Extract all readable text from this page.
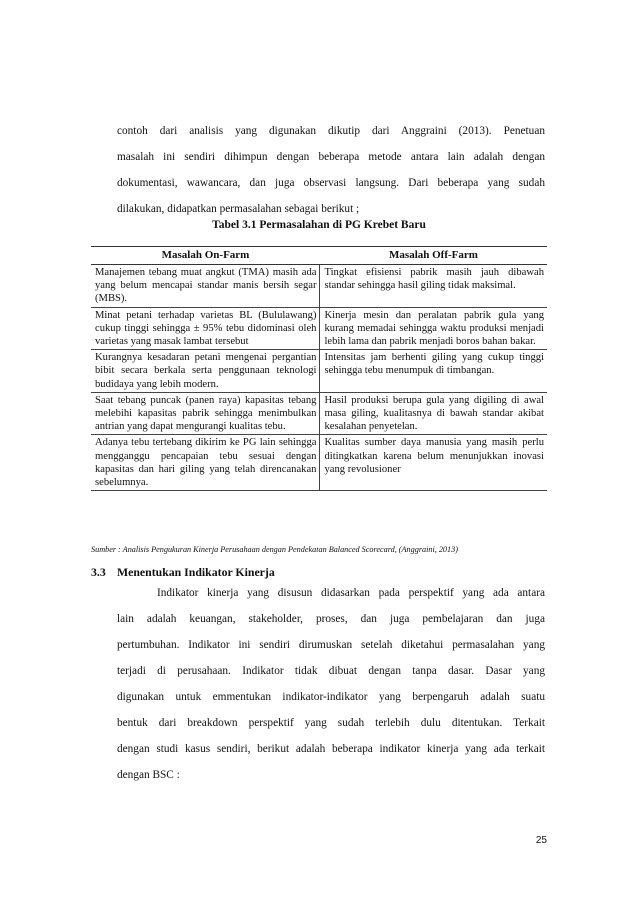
contoh dari analisis yang digunakan dikutip dari Anggraini (2013). Penetuan
masalah ini sendiri dihimpun dengan beberapa metode antara lain adalah dengan
dokumentasi, wawancara, dan juga observasi langsung. Dari beberapa yang sudah
dilakukan, didapatkan permasalahan sebagai berikut ;
Tabel 3.1 Permasalahan di PG Krebet Baru
Masalah On-Farm	Masalah Off-Farm
Manajemen tebang muat angkut (TMA) masih ada yang belum mencapai standar manis bersih segar (MBS).	Tingkat efisiensi pabrik masih jauh dibawah standar sehingga hasil giling tidak maksimal.
Minat petani terhadap varietas BL (Bululawang) cukup tinggi sehingga ± 95% tebu didominasi oleh varietas yang masak lambat tersebut	Kinerja mesin dan peralatan pabrik gula yang kurang memadai sehingga waktu produksi menjadi lebih lama dan pabrik menjadi boros bahan bakar.
Kurangnya kesadaran petani mengenai pergantian bibit secara berkala serta penggunaan teknologi budidaya yang lebih modern.	Intensitas jam berhenti giling yang cukup tinggi sehingga tebu menumpuk di timbangan.
Saat tebang puncak (panen raya) kapasitas tebang melebihi kapasitas pabrik sehingga menimbulkan antrian yang dapat mengurangi kualitas tebu.	Hasil produksi berupa gula yang digiling di awal masa giling, kualitasnya di bawah standar akibat kesalahan penyetelan.
Adanya tebu tertebang dikirim ke PG lain sehingga mengganggu pencapaian tebu sesuai dengan kapasitas dan hari giling yang telah direncanakan sebelumnya.	Kualitas sumber daya manusia yang masih perlu ditingkatkan karena belum menunjukkan inovasi yang revolusioner
Sumber : Analisis Pengukuran Kinerja Perusahaan dengan Pendekatan Balanced Scorecard, (Anggraini, 2013)
3.3 Menentukan Indikator Kinerja
Indikator kinerja yang disusun didasarkan pada perspektif yang ada antara
lain adalah keuangan, stakeholder, proses, dan juga pembelajaran dan juga
pertumbuhan. Indikator ini sendiri dirumuskan setelah diketahui permasalahan yang
terjadi di perusahaan. Indikator tidak dibuat dengan tanpa dasar. Dasar yang
digunakan untuk emmentukan indikator-indikator yang berpengaruh adalah suatu
bentuk dari breakdown perspektif yang sudah terlebih dulu ditentukan. Terkait
dengan studi kasus sendiri, berikut adalah beberapa indikator kinerja yang ada terkait
dengan BSC :
25
